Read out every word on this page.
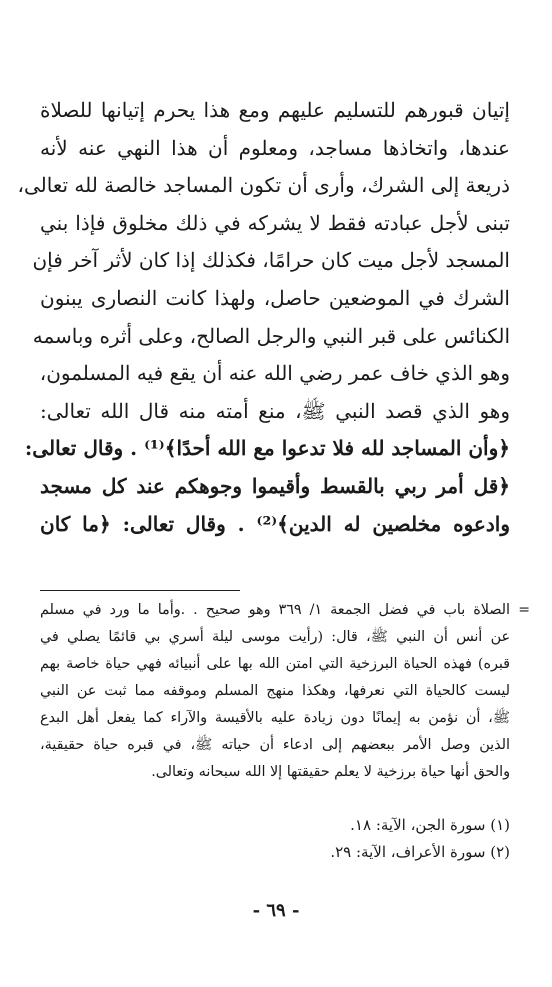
إتيان قبورهم للتسليم عليهم ومع هذا يحرم إتيانها للصلاة
عندها، واتخاذها مساجد، ومعلوم أن هذا النهي عنه لأنه
ذريعة إلى الشرك، وأرى أن تكون المساجد خالصة لله تعالى،
تبنى لأجل عبادته فقط لا يشركه في ذلك مخلوق فإذا بني
المسجد لأجل ميت كان حرامًا، فكذلك إذا كان لأثر آخر فإن
الشرك في الموضعين حاصل، ولهذا كانت النصارى يبنون
الكنائس على قبر النبي والرجل الصالح، وعلى أثره وباسمه
وهو الذي خاف عمر رضي الله عنه أن يقع فيه المسلمون،
وهو الذي قصد النبي ﷺ، منع أمته منه قال الله تعالى:
﴿وأن المساجد لله فلا تدعوا مع الله أحدًا﴾⁽¹⁾ . وقال تعالى:
﴿قل أمر ربي بالقسط وأقيموا وجوهكم عند كل مسجد
وادعوه مخلصين له الدين﴾⁽²⁾ . وقال تعالى: ﴿ما كان
=
الصلاة باب في فضل الجمعة ١/ ٣٦٩ وهو صحيح . .وأما ما ورد في مسلم
عن أنس أن النبي ﷺ، قال: (رأيت موسى ليلة أسري بي قائمًا يصلي في
قبره) فهذه الحياة البرزخية التي امتن الله بها على أنبيائه فهي حياة خاصة بهم
ليست كالحياة التي نعرفها، وهكذا منهج المسلم وموقفه مما ثبت عن النبي
ﷺ، أن نؤمن به إيمانًا دون زيادة عليه بالأقيسة والآراء كما يفعل أهل البدع
الذين وصل الأمر ببعضهم إلى ادعاء أن حياته ﷺ، في قبره حياة حقيقية،
والحق أنها حياة برزخية لا يعلم حقيقتها إلا الله سبحانه وتعالى.
(١) سورة الجن، الآية: ١٨.
(٢) سورة الأعراف، الآية: ٢٩.
- ٦٩ -
